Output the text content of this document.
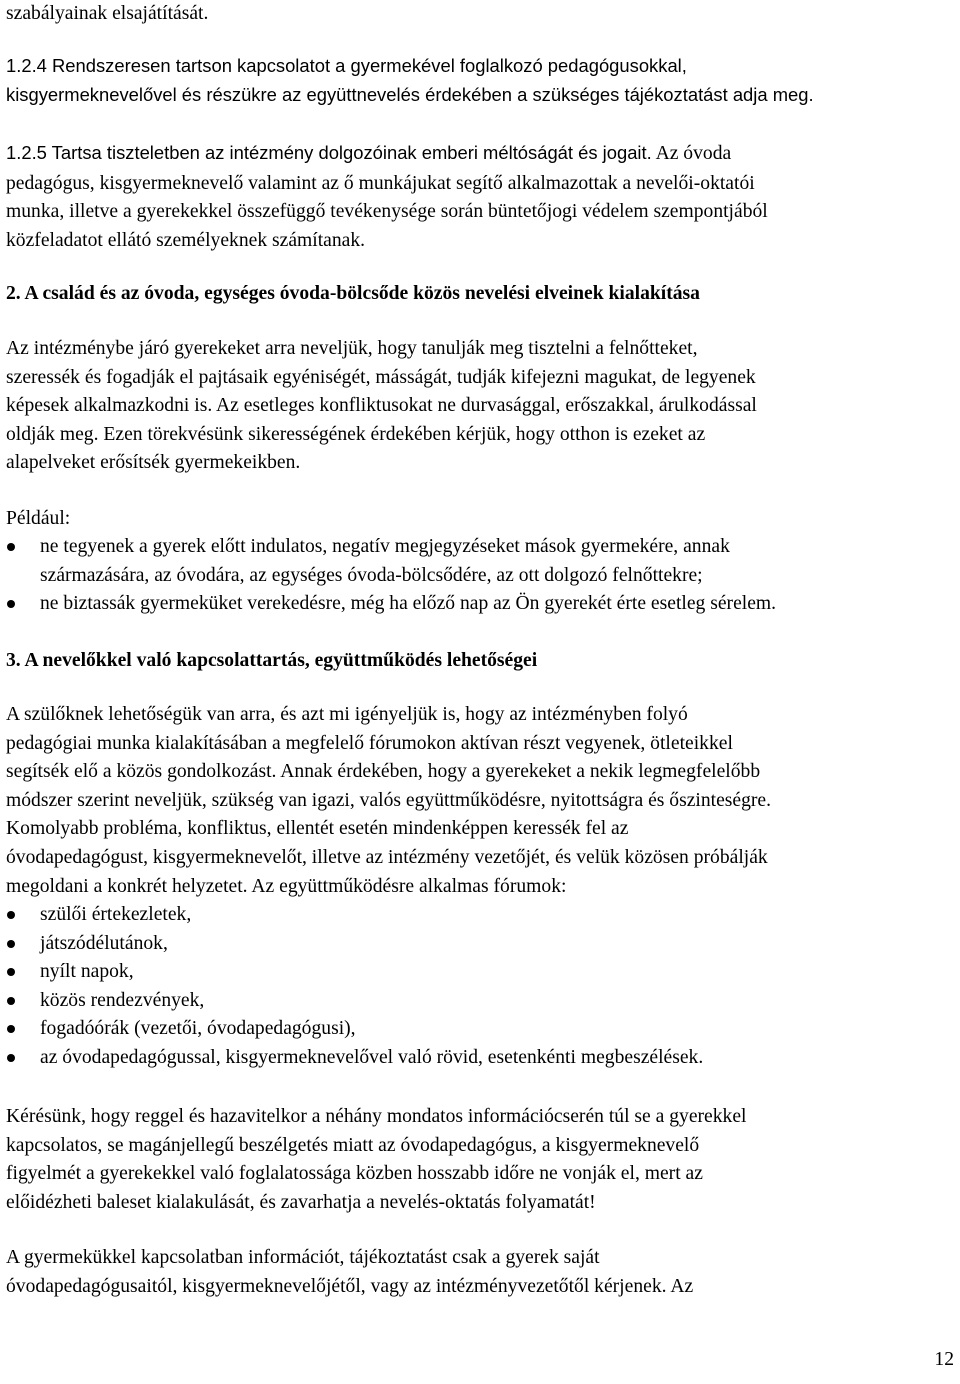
szabályainak elsajátítását.

1.2.4 Rendszeresen tartson kapcsolatot a gyermekével foglalkozó pedagógusokkal,
kisgyermeknevelővel és részükre az együttnevelés érdekében a szükséges tájékoztatást adja meg.

1.2.5 Tartsa tiszteletben az intézmény dolgozóinak emberi méltóságát és jogait. Az óvoda
pedagógus, kisgyermeknevelő valamint az ő munkájukat segítő alkalmazottak a nevelői-oktatói
munka, illetve a gyerekekkel összefüggő tevékenysége során büntetőjogi védelem szempontjából
közfeladatot ellátó személyeknek számítanak.

2. A család és az óvoda, egységes óvoda-bölcsőde közös nevelési elveinek kialakítása

Az intézménybe járó gyerekeket arra neveljük, hogy tanulják meg tisztelni a felnőtteket,
szeressék és fogadják el pajtásaik egyéniségét, másságát, tudják kifejezni magukat, de legyenek
képesek alkalmazkodni is. Az esetleges konfliktusokat ne durvasággal, erőszakkal, árulkodással
oldják meg. Ezen törekvésünk sikerességének érdekében kérjük, hogy otthon is ezeket az
alapelveket erősítsék gyermekeikben.

Például:

ne tegyenek a gyerek előtt indulatos, negatív megjegyzéseket mások gyermekére, annak
származására, az óvodára, az egységes óvoda-bölcsődére, az ott dolgozó felnőttekre;
ne biztassák gyermeküket verekedésre, még ha előző nap az Ön gyerekét érte esetleg sérelem.
3. A nevelőkkel való kapcsolattartás, együttműködés lehetőségei

A szülőknek lehetőségük van arra, és azt mi igényeljük is, hogy az intézményben folyó
pedagógiai munka kialakításában a megfelelő fórumokon aktívan részt vegyenek, ötleteikkel
segítsék elő a közös gondolkozást. Annak érdekében, hogy a gyerekeket a nekik legmegfelelőbb
módszer szerint neveljük, szükség van igazi, valós együttműködésre, nyitottságra és őszinteségre.
Komolyabb probléma, konfliktus, ellentét esetén mindenképpen keressék fel az
óvodapedagógust, kisgyermeknevelőt, illetve az intézmény vezetőjét, és velük közösen próbálják
megoldani a konkrét helyzetet. Az együttműködésre alkalmas fórumok:

szülői értekezletek,
játszódélutánok,
nyílt napok,
közös rendezvények,
fogadóórák (vezetői, óvodapedagógusi),
az óvodapedagógussal, kisgyermeknevelővel való rövid, esetenkénti megbeszélések.

Kérésünk, hogy reggel és hazavitelkor a néhány mondatos információcserén túl se a gyerekkel
kapcsolatos, se magánjellegű beszélgetés miatt az óvodapedagógus, a kisgyermeknevelő
figyelmét a gyerekekkel való foglalatossága közben hosszabb időre ne vonják el, mert az
előidézheti baleset kialakulását, és zavarhatja a nevelés-oktatás folyamatát!

A gyermekükkel kapcsolatban információt, tájékoztatást csak a gyerek saját
óvodapedagógusaitól, kisgyermeknevelőjétől, vagy az intézményvezetőtől kérjenek. Az

12
